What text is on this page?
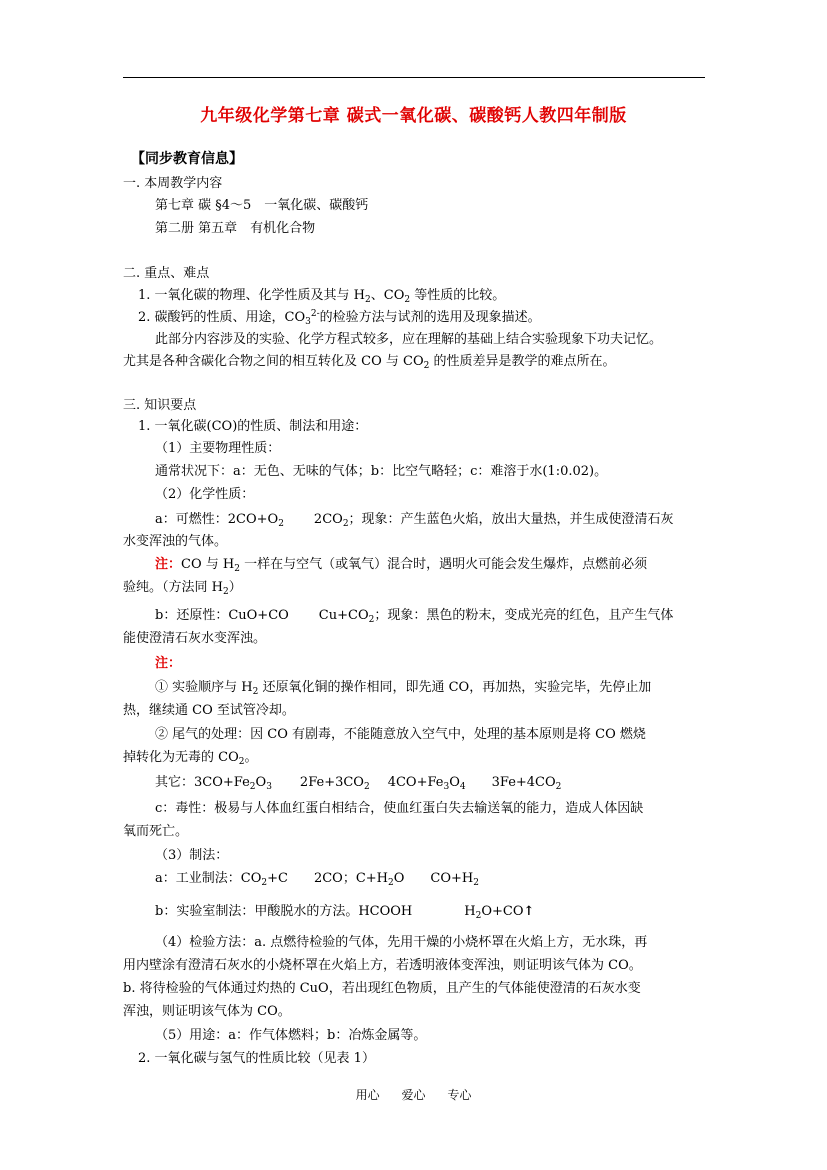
九年级化学第七章 碳式一氧化碳、碳酸钙人教四年制版
【同步教育信息】
一. 本周教学内容
第七章 碳 §4～5　一氧化碳、碳酸钙
第二册 第五章　有机化合物
二. 重点、难点
1. 一氧化碳的物理、化学性质及其与 $H_2$、$CO_2$ 等性质的比较。
2. 碳酸钙的性质、用途，$CO_3^{2-}$的检验方法与试剂的选用及现象描述。
此部分内容涉及的实验、化学方程式较多，应在理解的基础上结合实验现象下功夫记忆。
尤其是各种含碳化合物之间的相互转化及 CO 与 $CO_2$ 的性质差异是教学的难点所在。
三. 知识要点
1. 一氧化碳(CO)的性质、制法和用途：
（1）主要物理性质：
通常状况下：a：无色、无味的气体；b：比空气略轻；c：难溶于水(1:0.02)。
（2）化学性质：
a：可燃性：$2CO+O_2$ $2CO_2$；现象：产生蓝色火焰，放出大量热，并生成使澄清石灰
水变浑浊的气体。
注：CO 与 $H_2$ 一样在与空气（或氧气）混合时，遇明火可能会发生爆炸，点燃前必须
验纯。（方法同 $H_2$）
b：还原性：CuO+CO $Cu+CO_2$；现象：黑色的粉末，变成光亮的红色，且产生气体
能使澄清石灰水变浑浊。
注：
① 实验顺序与 $H_2$ 还原氧化铜的操作相同，即先通 CO，再加热，实验完毕，先停止加
热，继续通 CO 至试管冷却。
② 尾气的处理：因 CO 有剧毒，不能随意放入空气中，处理的基本原则是将 CO 燃烧
掉转化为无毒的 $CO_2$。
其它：$3CO+Fe_2O_3$ $2Fe+3CO_2$ $4CO+Fe_3O_4$ $3Fe+4CO_2$
c：毒性：极易与人体血红蛋白相结合，使血红蛋白失去输送氧的能力，造成人体因缺
氧而死亡。
（3）制法：
a：工业制法：$CO_2+C$ 2CO；$C+H_2O$ $CO+H_2$
b：实验室制法：甲酸脱水的方法。HCOOH	$H_2O+CO↑$
（4）检验方法：a. 点燃待检验的气体，先用干燥的小烧杯罩在火焰上方，无水珠，再
用内壁涂有澄清石灰水的小烧杯罩在火焰上方，若透明液体变浑浊，则证明该气体为 CO。
b. 将待检验的气体通过灼热的 CuO，若出现红色物质，且产生的气体能使澄清的石灰水变
浑浊，则证明该气体为 CO。
（5）用途：a：作气体燃料；b：冶炼金属等。
2. 一氧化碳与氢气的性质比较（见表 1）
用心 爱心 专心
